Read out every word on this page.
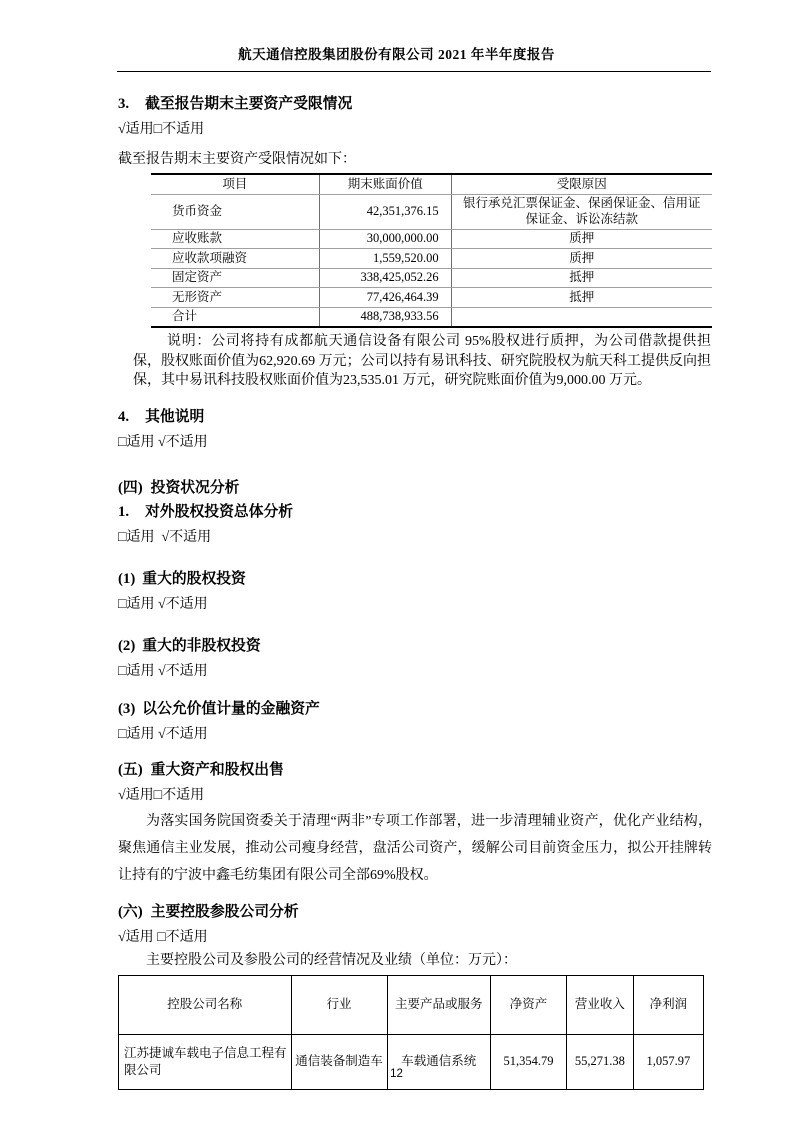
航天通信控股集团股份有限公司 2021 年半年度报告
3. 截至报告期末主要资产受限情况
√适用□不适用
截至报告期末主要资产受限情况如下：
项目	期末账面价值	受限原因
货币资金	42,351,376.15	银行承兑汇票保证金、保函保证金、信用证保证金、诉讼冻结款
应收账款	30,000,000.00	质押
应收款项融资	1,559,520.00	质押
固定资产	338,425,052.26	抵押
无形资产	77,426,464.39	抵押
合计	488,738,933.56	

说明：公司将持有成都航天通信设备有限公司 95%股权进行质押，为公司借款提供担保，股权账面价值为62,920.69 万元；公司以持有易讯科技、研究院股权为航天科工提供反向担保，其中易讯科技股权账面价值为23,535.01 万元，研究院账面价值为9,000.00 万元。

4. 其他说明
□适用 √不适用
(四) 投资状况分析
1. 对外股权投资总体分析
□适用  √不适用
(1) 重大的股权投资
□适用 √不适用
(2) 重大的非股权投资
□适用 √不适用
(3) 以公允价值计量的金融资产
□适用 √不适用
(五) 重大资产和股权出售
√适用□不适用

为落实国务院国资委关于清理“两非”专项工作部署，进一步清理辅业资产，优化产业结构，聚焦通信主业发展，推动公司瘦身经营，盘活公司资产，缓解公司目前资金压力，拟公开挂牌转让持有的宁波中鑫毛纺集团有限公司全部69%股权。

(六) 主要控股参股公司分析
√适用 □不适用
主要控股公司及参股公司的经营情况及业绩（单位：万元）：
控股公司名称	行业	主要产品或服务	净资产	营业收入	净利润
江苏捷诚车载电子信息工程有限公司	通信装备制造车	车载通信系统	51,354.79	55,271.38	1,057.97
12
